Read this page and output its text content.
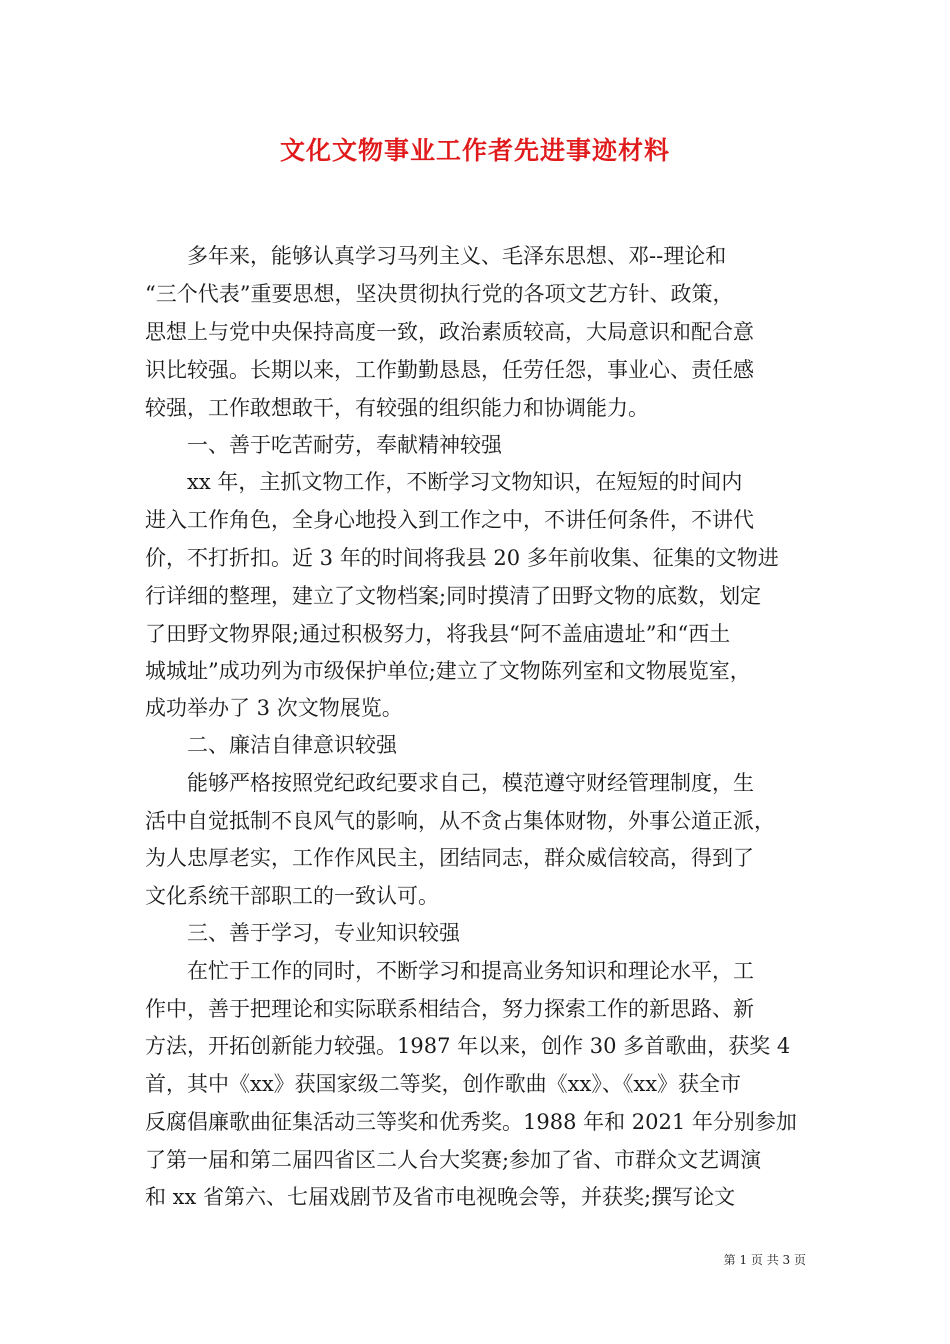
文化文物事业工作者先进事迹材料

　　多年来，能够认真学习马列主义、毛泽东思想、邓--理论和

“三个代表”重要思想，坚决贯彻执行党的各项文艺方针、政策，

思想上与党中央保持高度一致，政治素质较高，大局意识和配合意

识比较强。长期以来，工作勤勤恳恳，任劳任怨，事业心、责任感

较强，工作敢想敢干，有较强的组织能力和协调能力。

　　一、善于吃苦耐劳，奉献精神较强

　　xx 年，主抓文物工作，不断学习文物知识，在短短的时间内

进入工作角色，全身心地投入到工作之中，不讲任何条件，不讲代

价，不打折扣。近 3 年的时间将我县 20 多年前收集、征集的文物进

行详细的整理，建立了文物档案;同时摸清了田野文物的底数，划定

了田野文物界限;通过积极努力，将我县“阿不盖庙遗址”和“西土

城城址”成功列为市级保护单位;建立了文物陈列室和文物展览室，

成功举办了 3 次文物展览。

　　二、廉洁自律意识较强

　　能够严格按照党纪政纪要求自己，模范遵守财经管理制度，生

活中自觉抵制不良风气的影响，从不贪占集体财物，外事公道正派，

为人忠厚老实，工作作风民主，团结同志，群众威信较高，得到了

文化系统干部职工的一致认可。

　　三、善于学习，专业知识较强

　　在忙于工作的同时，不断学习和提高业务知识和理论水平，工

作中，善于把理论和实际联系相结合，努力探索工作的新思路、新

方法，开拓创新能力较强。1987 年以来，创作 30 多首歌曲，获奖 4

首，其中《xx》获国家级二等奖，创作歌曲《xx》、《xx》获全市

反腐倡廉歌曲征集活动三等奖和优秀奖。1988 年和 2021 年分别参加

了第一届和第二届四省区二人台大奖赛;参加了省、市群众文艺调演

和 xx 省第六、七届戏剧节及省市电视晚会等，并获奖;撰写论文

第 1 页 共 3 页
